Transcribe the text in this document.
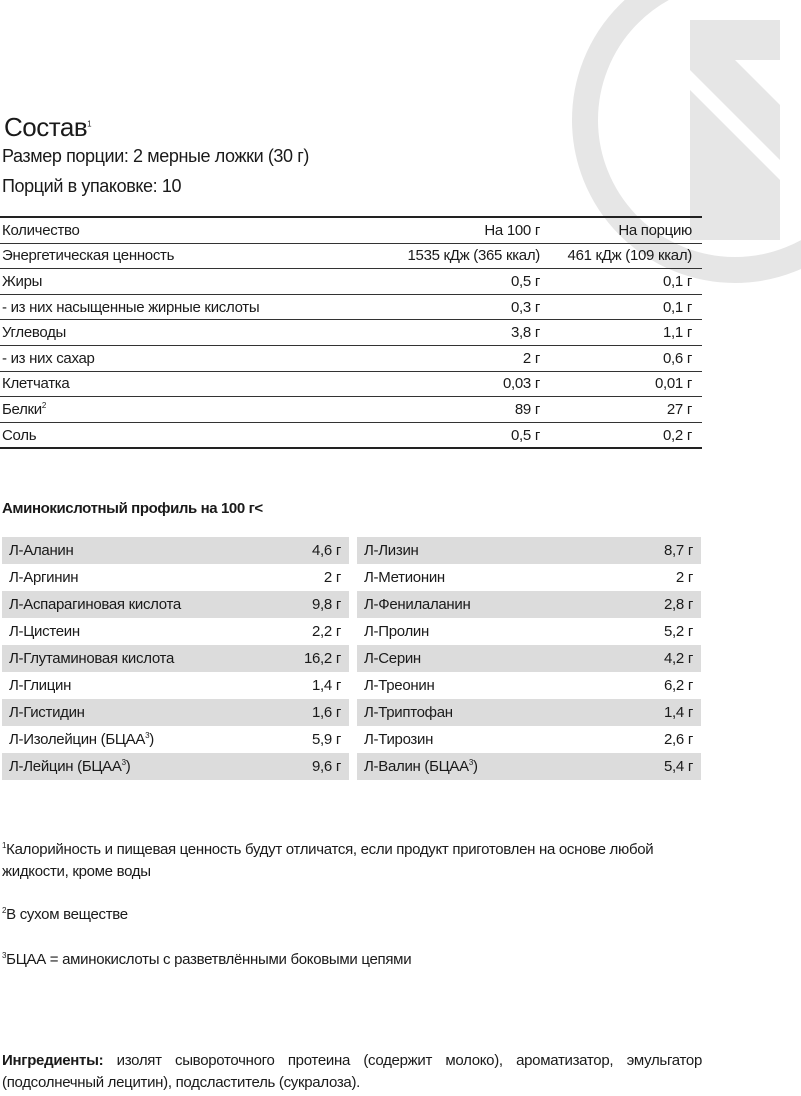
Состав$^1$
Размер порции: 2 мерные ложки (30 г)
Порций в упаковке: 10
Количество	На 100 г	На порцию
Энергетическая ценность	1535 кДж (365 ккал)	461 кДж (109 ккал)
Жиры	0,5 г	0,1 г
- из них насыщенные жирные кислоты	0,3 г	0,1 г
Углеводы	3,8 г	1,1 г
- из них сахар	2 г	0,6 г
Клетчатка	0,03 г	0,01 г
Белки$^2$	89 г	27 г
Соль	0,5 г	0,2 г
Аминокислотный профиль на 100 г<
Л-Аланин	4,6 г
Л-Аргинин	2 г
Л-Аспарагиновая кислота	9,8 г
Л-Цистеин	2,2 г
Л-Глутаминовая кислота	16,2 г
Л-Глицин	1,4 г
Л-Гистидин	1,6 г
Л-Изолейцин (БЦАА$^3$)	5,9 г
Л-Лейцин (БЦАА$^3$)	9,6 г
Л-Лизин	8,7 г
Л-Метионин	2 г
Л-Фенилаланин	2,8 г
Л-Пролин	5,2 г
Л-Серин	4,2 г
Л-Треонин	6,2 г
Л-Триптофан	1,4 г
Л-Тирозин	2,6 г
Л-Валин (БЦАА$^3$)	5,4 г
$^1$Калорийность и пищевая ценность будут отличатся, если продукт приготовлен на основе любой жидкости, кроме воды
$^2$В сухом веществе
$^3$БЦАА = аминокислоты с разветвлёнными боковыми цепями
Ингредиенты: изолят сывороточного протеина (содержит молоко), ароматизатор, эмульгатор (подсолнечный лецитин), подсластитель (сукралоза).
